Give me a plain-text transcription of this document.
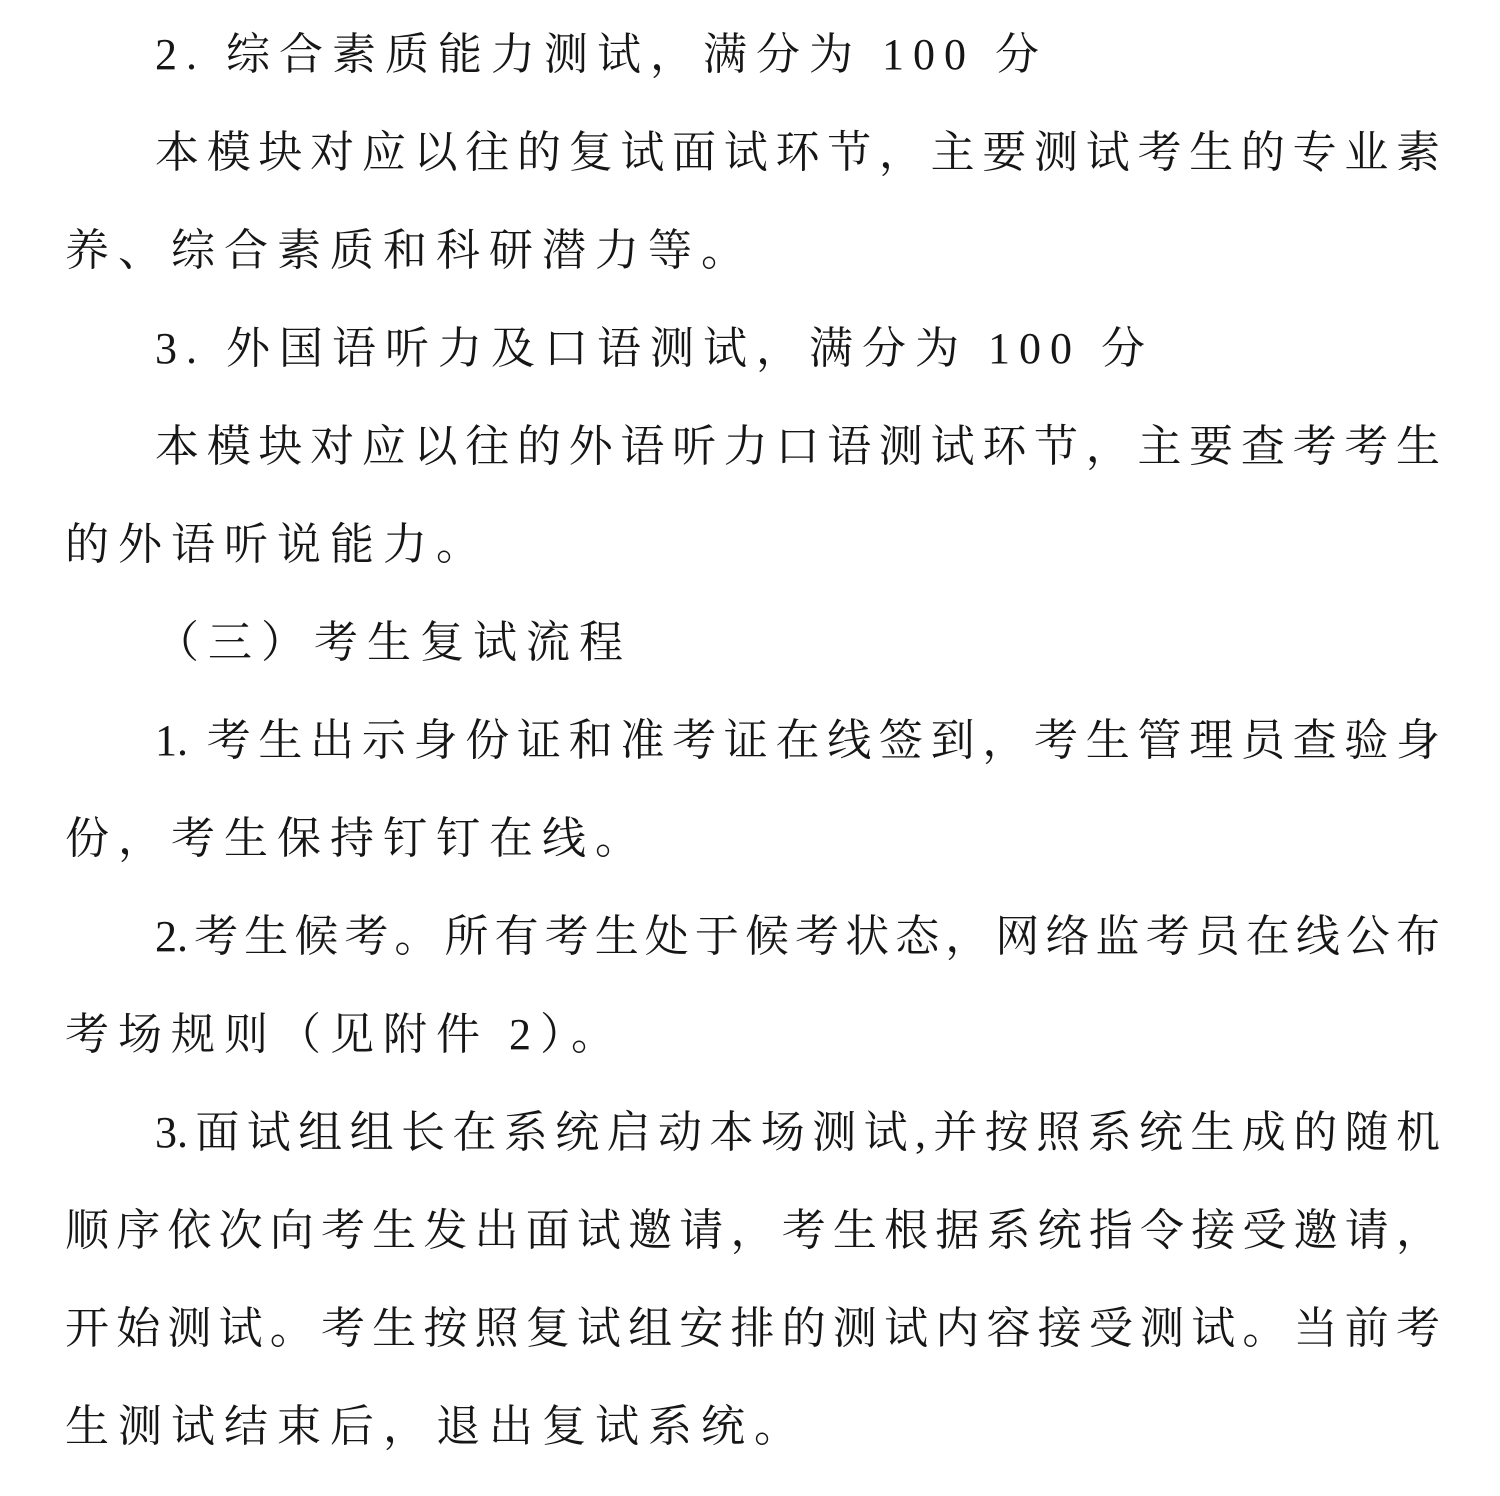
2. 综合素质能力测试，满分为 100 分
本模块对应以往的复试面试环节，主要测试考生的专业素
养、综合素质和科研潜力等。
3. 外国语听力及口语测试，满分为 100 分
本模块对应以往的外语听力口语测试环节，主要查考考生
的外语听说能力。
（三）考生复试流程
1. 考生出示身份证和准考证在线签到，考生管理员查验身
份，考生保持钉钉在线。
2.考生候考。所有考生处于候考状态，网络监考员在线公布
考场规则（见附件 2）。
3.面试组组长在系统启动本场测试,并按照系统生成的随机
顺序依次向考生发出面试邀请，考生根据系统指令接受邀请，
开始测试。考生按照复试组安排的测试内容接受测试。当前考
生测试结束后，退出复试系统。
